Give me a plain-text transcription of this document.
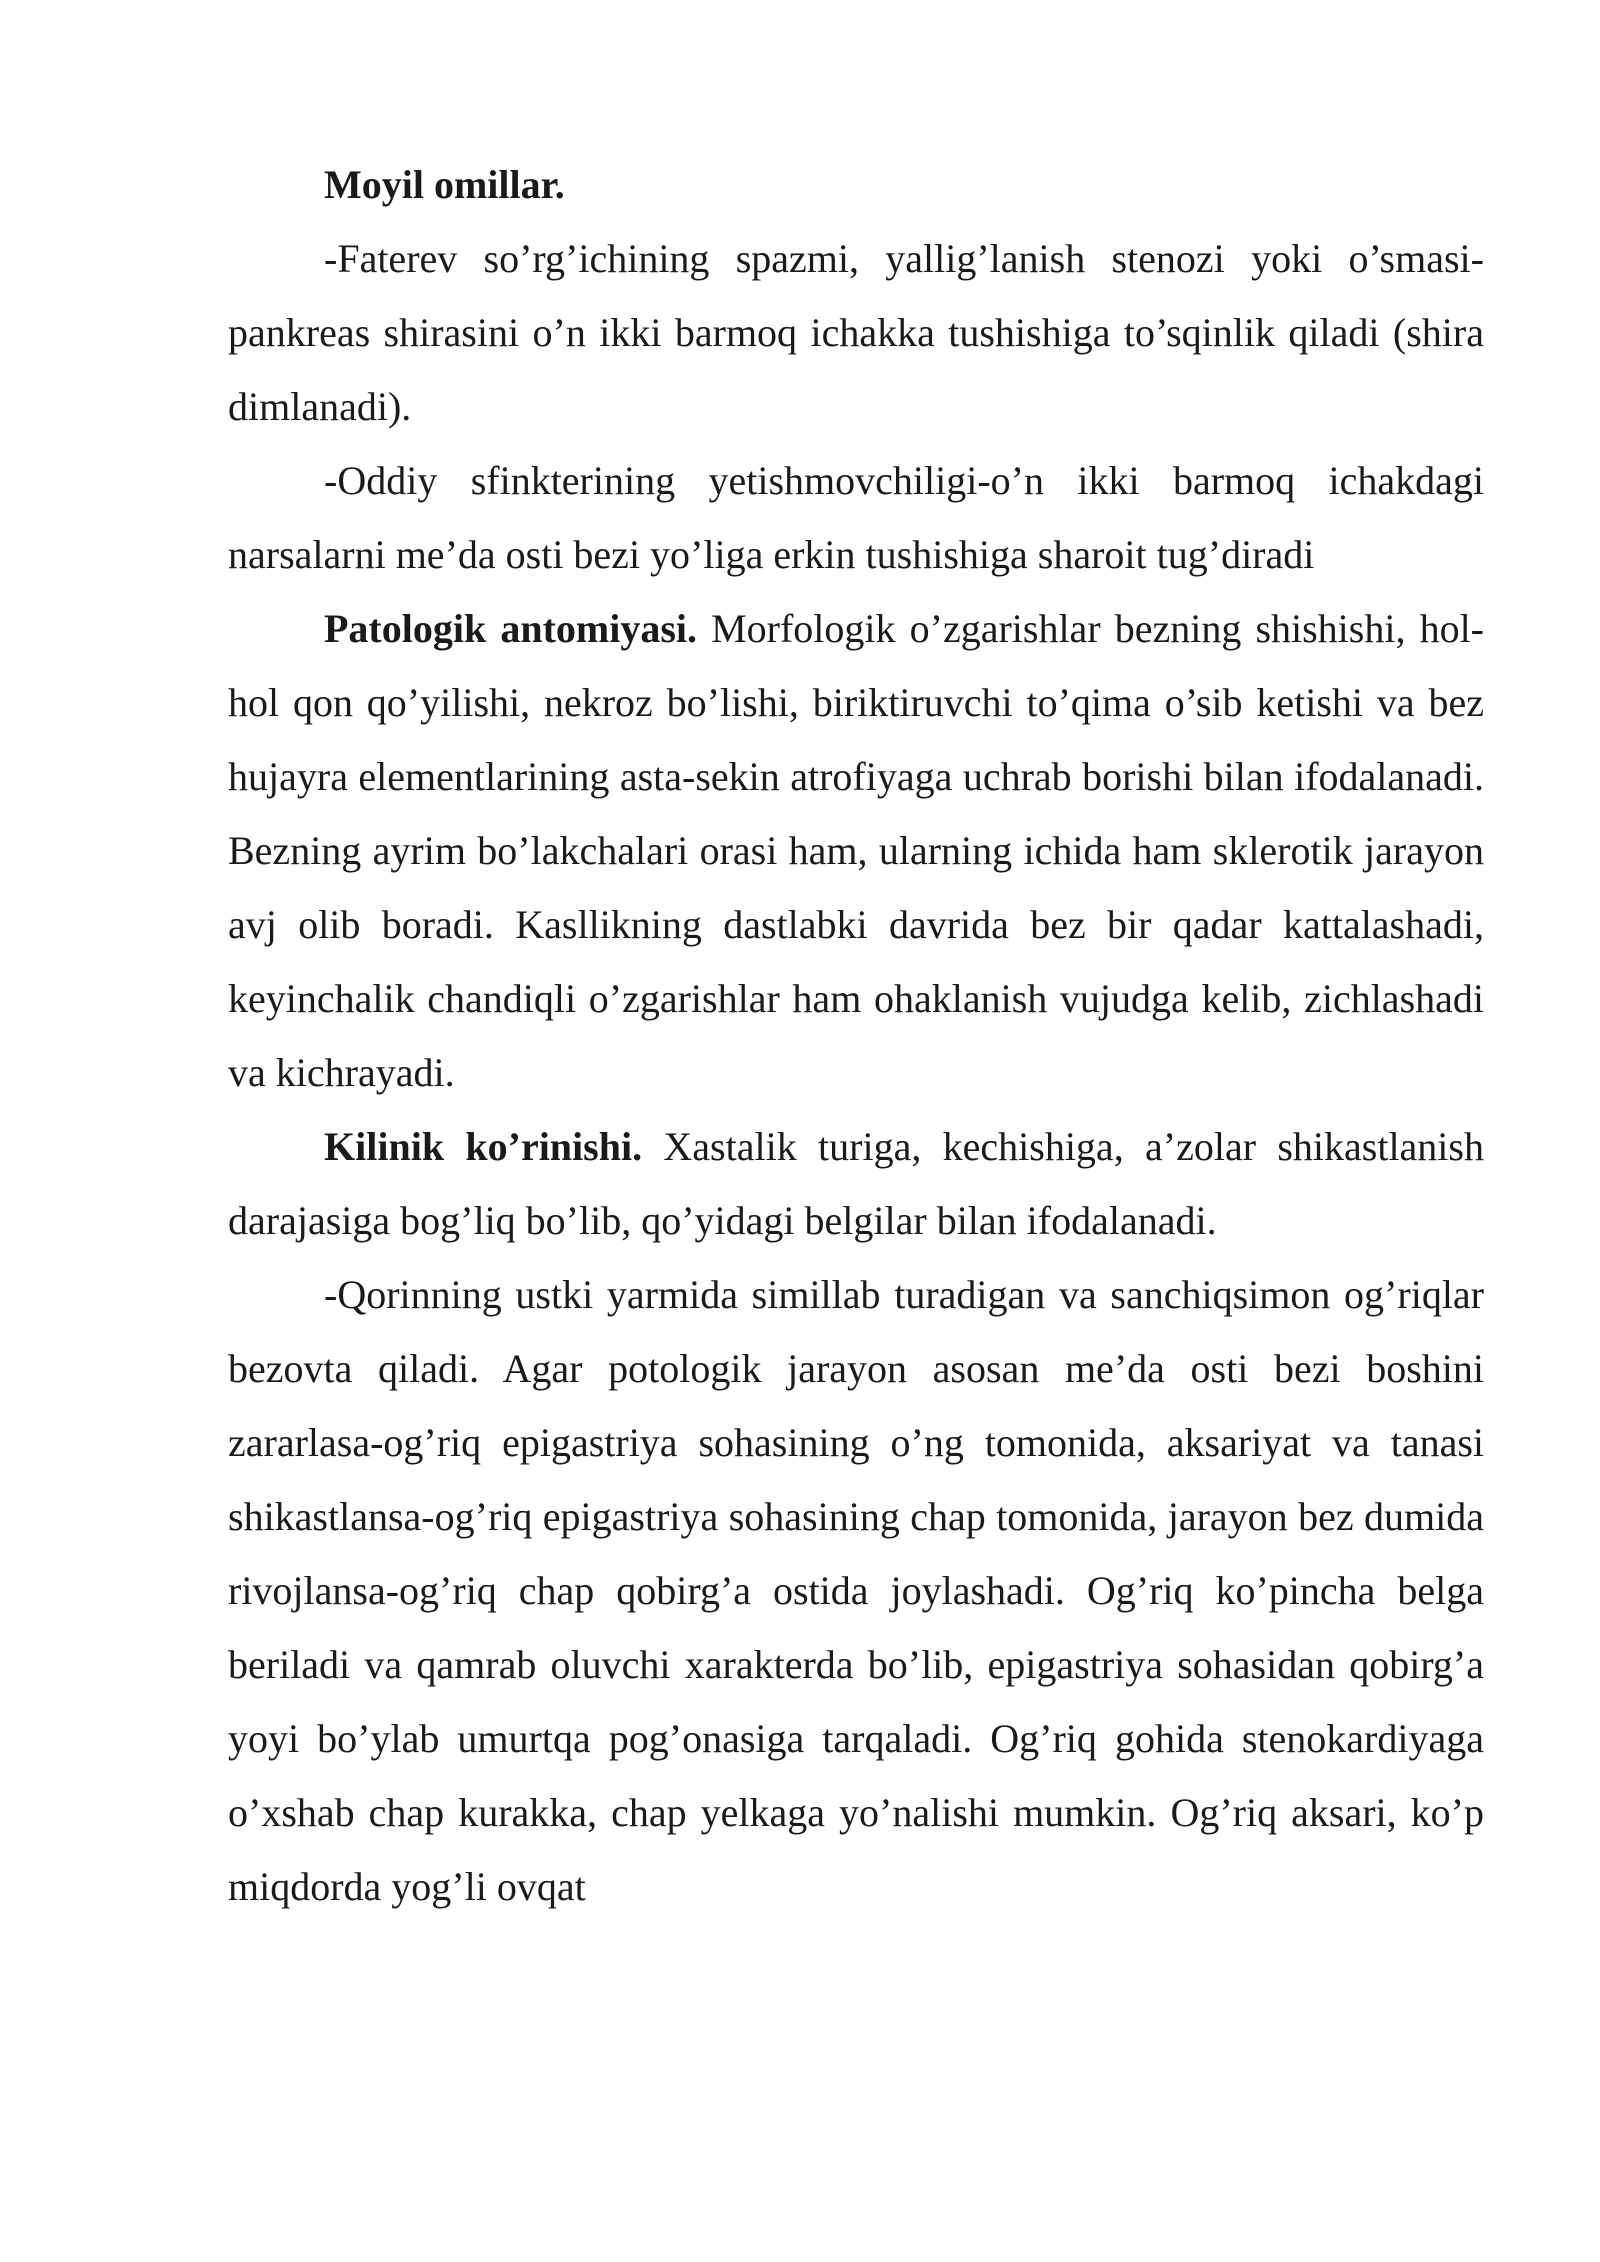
Moyil omillar.

-Faterev so’rg’ichining spazmi, yallig’lanish stenozi yoki o’smasi-pankreas shirasini o’n ikki barmoq ichakka tushishiga to’sqinlik qiladi (shira dimlanadi).

-Oddiy sfinkterining yetishmovchiligi-o’n ikki barmoq ichakdagi narsalarni me’da osti bezi yo’liga erkin tushishiga sharoit tug’diradi

Patologik antomiyasi. Morfologik o’zgarishlar bezning shishishi, hol-hol qon qo’yilishi, nekroz bo’lishi, biriktiruvchi to’qima o’sib ketishi va bez hujayra elementlarining asta-sekin atrofiyaga uchrab borishi bilan ifodalanadi. Bezning ayrim bo’lakchalari orasi ham, ularning ichida ham sklerotik jarayon avj olib boradi. Kasllikning dastlabki davrida bez bir qadar kattalashadi, keyinchalik chandiqli o’zgarishlar ham ohaklanish vujudga kelib, zichlashadi va kichrayadi.

Kilinik ko’rinishi. Xastalik turiga, kechishiga, a’zolar shikastlanish darajasiga bog’liq bo’lib, qo’yidagi belgilar bilan ifodalanadi.

-Qorinning ustki yarmida simillab turadigan va sanchiqsimon og’riqlar bezovta qiladi. Agar potologik jarayon asosan me’da osti bezi boshini zararlasa-og’riq epigastriya sohasining o’ng tomonida, aksariyat va tanasi shikastlansa-og’riq epigastriya sohasining chap tomonida, jarayon bez dumida rivojlansa-og’riq chap qobirg’a ostida joylashadi. Og’riq ko’pincha belga beriladi va qamrab oluvchi xarakterda bo’lib, epigastriya sohasidan qobirg’a yoyi bo’ylab umurtqa pog’onasiga tarqaladi. Og’riq gohida stenokardiyaga o’xshab chap kurakka, chap yelkaga yo’nalishi mumkin. Og’riq aksari, ko’p miqdorda yog’li ovqat
